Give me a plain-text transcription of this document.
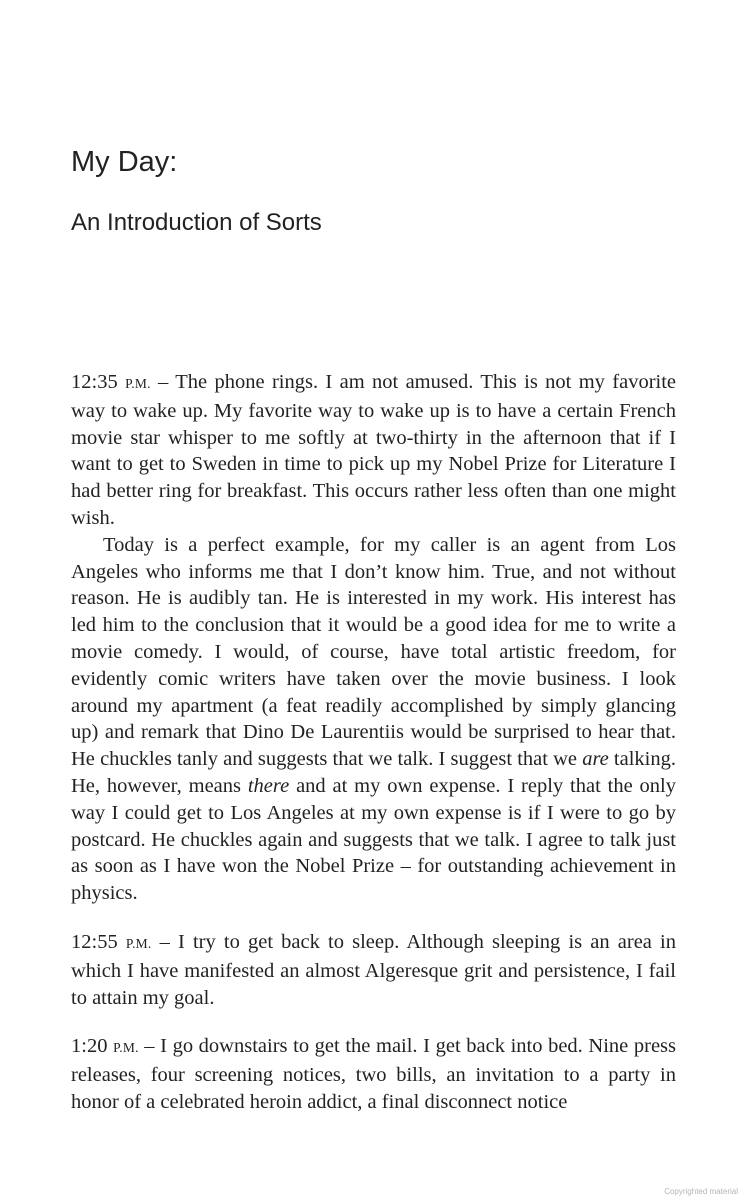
My Day:
An Introduction of Sorts

12:35 P.M. – The phone rings. I am not amused. This is not my favorite way to wake up. My favorite way to wake up is to have a certain French movie star whisper to me softly at two-thirty in the afternoon that if I want to get to Sweden in time to pick up my Nobel Prize for Literature I had better ring for breakfast. This occurs rather less often than one might wish.

Today is a perfect example, for my caller is an agent from Los Angeles who informs me that I don’t know him. True, and not without reason. He is audibly tan. He is interested in my work. His interest has led him to the conclusion that it would be a good idea for me to write a movie comedy. I would, of course, have total artistic freedom, for evidently comic writers have taken over the movie business. I look around my apartment (a feat readily accomplished by simply glancing up) and remark that Dino De Laurentiis would be surprised to hear that. He chuckles tanly and suggests that we talk. I suggest that we are talking. He, however, means there and at my own expense. I reply that the only way I could get to Los Angeles at my own expense is if I were to go by postcard. He chuckles again and suggests that we talk. I agree to talk just as soon as I have won the Nobel Prize – for outstanding achievement in physics.

12:55 P.M. – I try to get back to sleep. Although sleeping is an area in which I have manifested an almost Algeresque grit and persistence, I fail to attain my goal.

1:20 P.M. – I go downstairs to get the mail. I get back into bed. Nine press releases, four screening notices, two bills, an invitation to a party in honor of a celebrated heroin addict, a final disconnect notice

Copyrighted material
